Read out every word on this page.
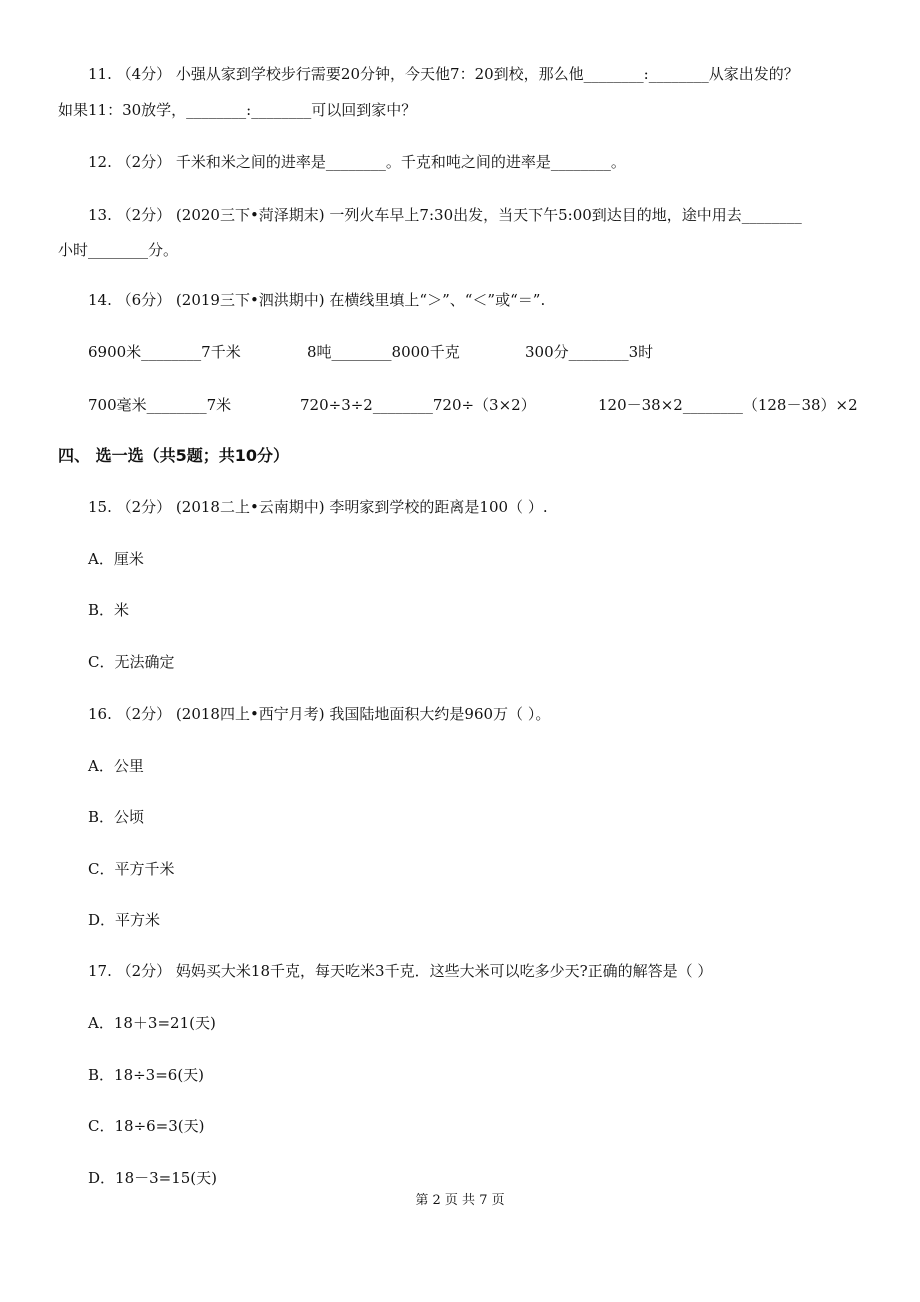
11. （4分） 小强从家到学校步行需要20分钟，今天他7：20到校，那么他________:________从家出发的？
如果11：30放学，________:________可以回到家中？
12. （2分） 千米和米之间的进率是________。千克和吨之间的进率是________。
13. （2分） (2020三下•菏泽期末) 一列火车早上7:30出发，当天下午5:00到达目的地，途中用去________
小时________分。
14. （6分） (2019三下•泗洪期中) 在横线里填上“＞”、“＜”或“＝”.
6900米________7千米	8吨________8000千克	300分________3时
700毫米________7米	720÷3÷2________720÷（3×2）	120－38×2________（128－38）×2
四、 选一选（共5题；共10分）
15. （2分） (2018二上•云南期中) 李明家到学校的距离是100（ ）.
A．厘米
B．米
C．无法确定
16. （2分） (2018四上•西宁月考) 我国陆地面积大约是960万（ ）。
A．公里
B．公顷
C．平方千米
D．平方米
17. （2分） 妈妈买大米18千克，每天吃米3千克．这些大米可以吃多少天?正确的解答是（ ）
A．18＋3=21(天)
B．18÷3=6(天)
C．18÷6=3(天)
D．18－3=15(天)
第 2 页 共 7 页
